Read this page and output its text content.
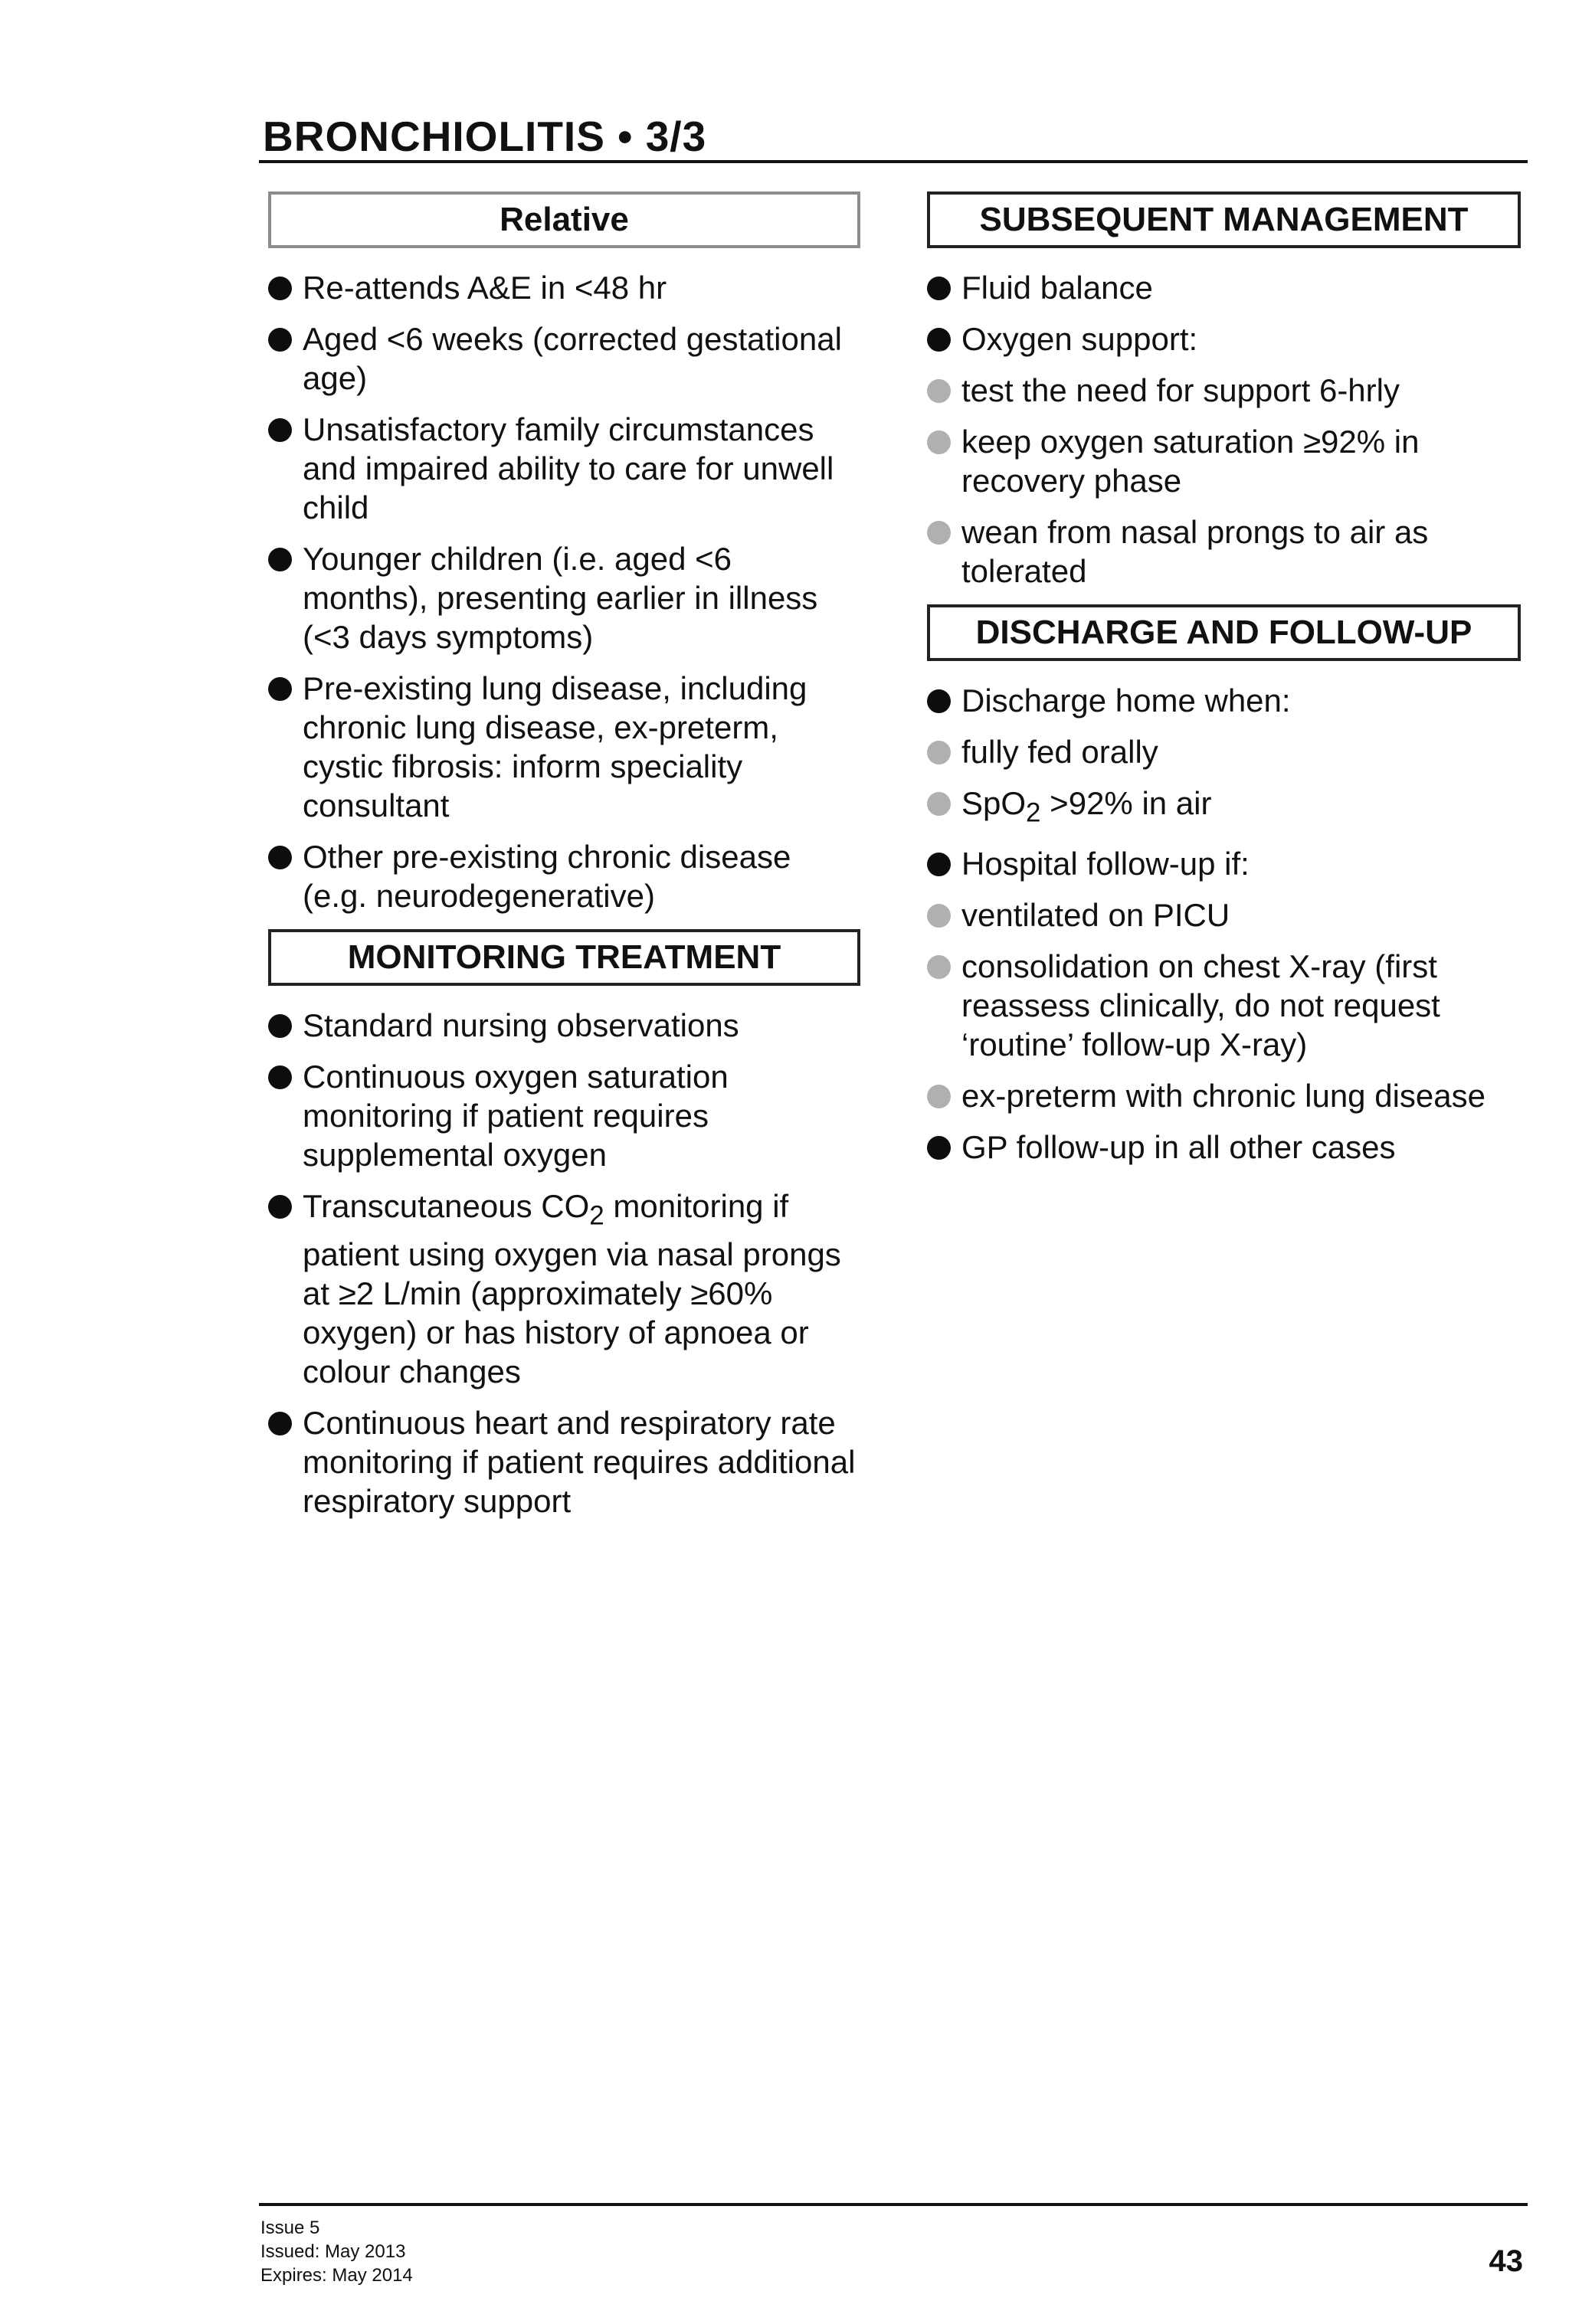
BRONCHIOLITIS • 3/3
Relative
Re-attends A&E in <48 hr
Aged <6 weeks (corrected gestational age)
Unsatisfactory family circumstances and impaired ability to care for unwell child
Younger children (i.e. aged <6 months), presenting earlier in illness (<3 days symptoms)
Pre-existing lung disease, including chronic lung disease, ex-preterm, cystic fibrosis: inform speciality consultant
Other pre-existing chronic disease (e.g. neurodegenerative)
MONITORING TREATMENT
Standard nursing observations
Continuous oxygen saturation monitoring if patient requires supplemental oxygen
Transcutaneous $CO_2$ monitoring if patient using oxygen via nasal prongs at ≥2 L/min (approximately ≥60% oxygen) or has history of apnoea or colour changes
Continuous heart and respiratory rate monitoring if patient requires additional respiratory support
SUBSEQUENT MANAGEMENT
Fluid balance
Oxygen support:
test the need for support 6-hrly
keep oxygen saturation ≥92% in recovery phase
wean from nasal prongs to air as tolerated
DISCHARGE AND FOLLOW-UP
Discharge home when:
fully fed orally
SpO$_2$ >92% in air
Hospital follow-up if:
ventilated on PICU
consolidation on chest X-ray (first reassess clinically, do not request ‘routine’ follow-up X-ray)
ex-preterm with chronic lung disease
GP follow-up in all other cases
Issue 5
Issued: May 2013
Expires: May 2014	43
